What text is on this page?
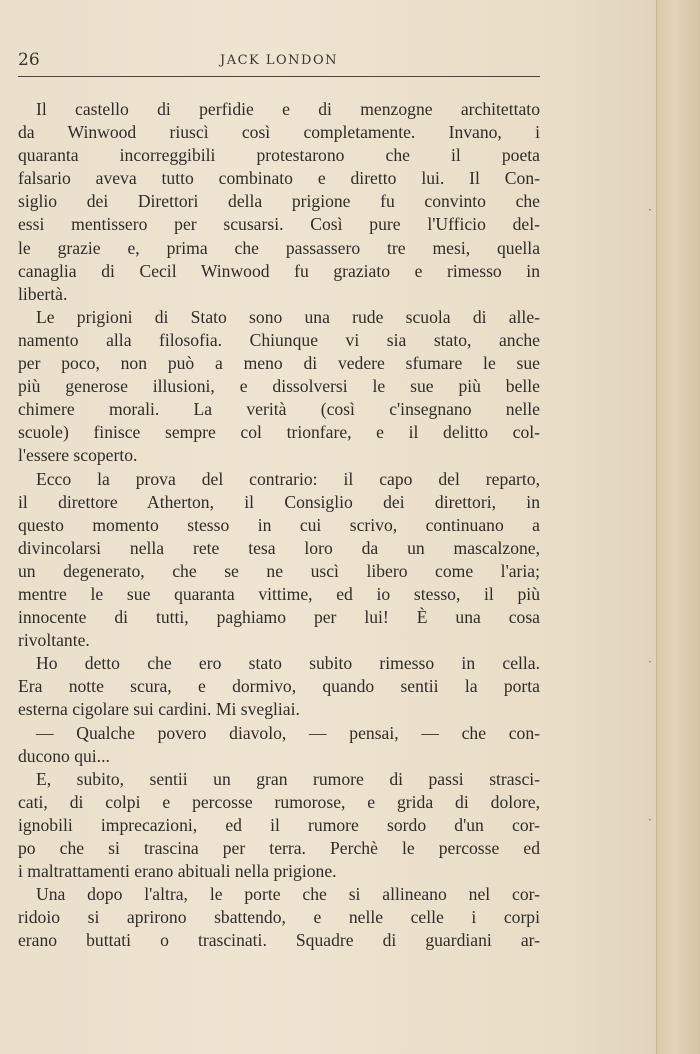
26	JACK LONDON
Il castello di perfidie e di menzogne architettato
da Winwood riuscì così completamente. Invano, i
quaranta incorreggibili protestarono che il poeta
falsario aveva tutto combinato e diretto lui. Il Con-
siglio dei Direttori della prigione fu convinto che
essi mentissero per scusarsi. Così pure l'Ufficio del-
le grazie e, prima che passassero tre mesi, quella
canaglia di Cecil Winwood fu graziato e rimesso in
libertà.
Le prigioni di Stato sono una rude scuola di alle-
namento alla filosofia. Chiunque vi sia stato, anche
per poco, non può a meno di vedere sfumare le sue
più generose illusioni, e dissolversi le sue più belle
chimere morali. La verità (così c'insegnano nelle
scuole) finisce sempre col trionfare, e il delitto col-
l'essere scoperto.
Ecco la prova del contrario: il capo del reparto,
il direttore Atherton, il Consiglio dei direttori, in
questo momento stesso in cui scrivo, continuano a
divincolarsi nella rete tesa loro da un mascalzone,
un degenerato, che se ne uscì libero come l'aria;
mentre le sue quaranta vittime, ed io stesso, il più
innocente di tutti, paghiamo per lui! È una cosa
rivoltante.
Ho detto che ero stato subito rimesso in cella.
Era notte scura, e dormivo, quando sentii la porta
esterna cigolare sui cardini. Mi svegliai.
— Qualche povero diavolo, — pensai, — che con-
ducono qui...
E, subito, sentii un gran rumore di passi strasci-
cati, di colpi e percosse rumorose, e grida di dolore,
ignobili imprecazioni, ed il rumore sordo d'un cor-
po che si trascina per terra. Perchè le percosse ed
i maltrattamenti erano abituali nella prigione.
Una dopo l'altra, le porte che si allineano nel cor-
ridoio si aprirono sbattendo, e nelle celle i corpi
erano buttati o trascinati. Squadre di guardiani ar-
·
·
·
